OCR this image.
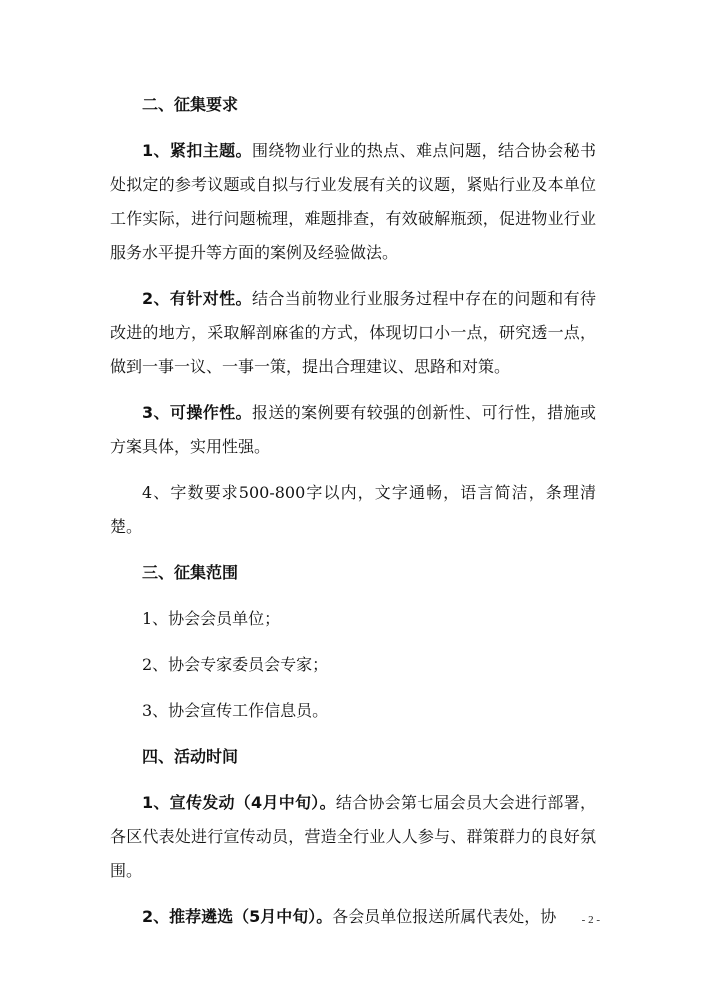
二、征集要求

1、紧扣主题。围绕物业行业的热点、难点问题，结合协会秘书处拟定的参考议题或自拟与行业发展有关的议题，紧贴行业及本单位工作实际，进行问题梳理，难题排查，有效破解瓶颈，促进物业行业服务水平提升等方面的案例及经验做法。

2、有针对性。结合当前物业行业服务过程中存在的问题和有待改进的地方，采取解剖麻雀的方式，体现切口小一点，研究透一点，做到一事一议、一事一策，提出合理建议、思路和对策。

3、可操作性。报送的案例要有较强的创新性、可行性，措施或方案具体，实用性强。

4、字数要求500-800字以内，文字通畅，语言简洁，条理清楚。

三、征集范围

1、协会会员单位；

2、协会专家委员会专家；

3、协会宣传工作信息员。

四、活动时间

1、宣传发动（4月中旬）。结合协会第七届会员大会进行部署，各区代表处进行宣传动员，营造全行业人人参与、群策群力的良好氛围。

2、推荐遴选（5月中旬）。各会员单位报送所属代表处，协	- 2 -
